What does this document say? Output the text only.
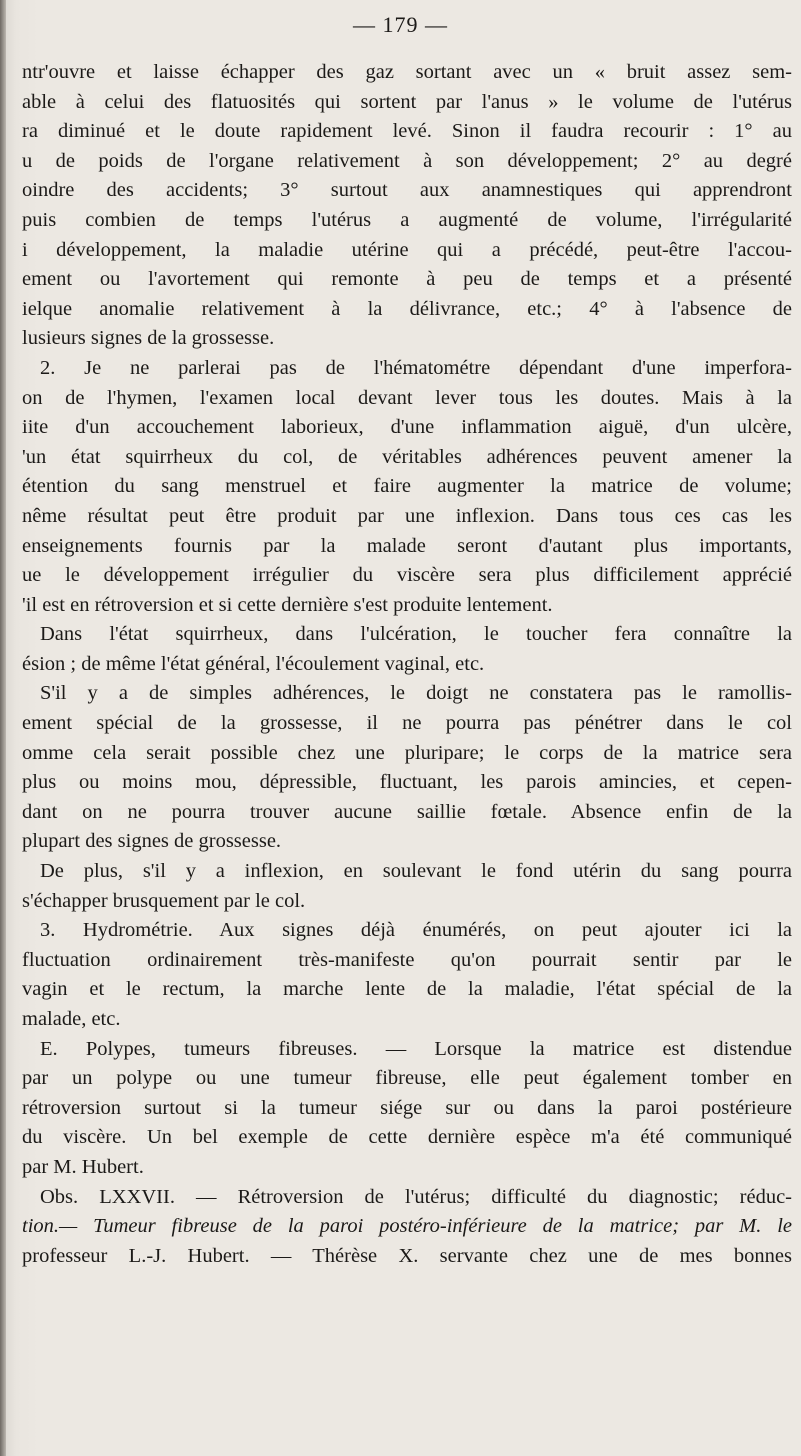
— 179 —
ntr'ouvre et laisse échapper des gaz sortant avec un « bruit assez sem-
able à celui des flatuosités qui sortent par l'anus » le volume de l'utérus
ra diminué et le doute rapidement levé. Sinon il faudra recourir : 1° au
u de poids de l'organe relativement à son développement; 2° au degré
oindre des accidents; 3° surtout aux anamnestiques qui apprendront
puis combien de temps l'utérus a augmenté de volume, l'irrégularité
i développement, la maladie utérine qui a précédé, peut-être l'accou-
ement ou l'avortement qui remonte à peu de temps et a présenté
ielque anomalie relativement à la délivrance, etc.; 4° à l'absence de
lusieurs signes de la grossesse.
2. Je ne parlerai pas de l'hématométre dépendant d'une imperfora-
on de l'hymen, l'examen local devant lever tous les doutes. Mais à la
iite d'un accouchement laborieux, d'une inflammation aiguë, d'un ulcère,
'un état squirrheux du col, de véritables adhérences peuvent amener la
étention du sang menstruel et faire augmenter la matrice de volume;
nême résultat peut être produit par une inflexion. Dans tous ces cas les
enseignements fournis par la malade seront d'autant plus importants,
ue le développement irrégulier du viscère sera plus difficilement apprécié
'il est en rétroversion et si cette dernière s'est produite lentement.
Dans l'état squirrheux, dans l'ulcération, le toucher fera connaître la
ésion ; de même l'état général, l'écoulement vaginal, etc.
S'il y a de simples adhérences, le doigt ne constatera pas le ramollis-
ement spécial de la grossesse, il ne pourra pas pénétrer dans le col
omme cela serait possible chez une pluripare; le corps de la matrice sera
plus ou moins mou, dépressible, fluctuant, les parois amincies, et cepen-
dant on ne pourra trouver aucune saillie fœtale. Absence enfin de la
plupart des signes de grossesse.
De plus, s'il y a inflexion, en soulevant le fond utérin du sang pourra
s'échapper brusquement par le col.
3. Hydrométrie. Aux signes déjà énumérés, on peut ajouter ici la
fluctuation ordinairement très-manifeste qu'on pourrait sentir par le
vagin et le rectum, la marche lente de la maladie, l'état spécial de la
malade, etc.
E. Polypes, tumeurs fibreuses. — Lorsque la matrice est distendue
par un polype ou une tumeur fibreuse, elle peut également tomber en
rétroversion surtout si la tumeur siége sur ou dans la paroi postérieure
du viscère. Un bel exemple de cette dernière espèce m'a été communiqué
par M. Hubert.
Obs. LXXVII. — Rétroversion de l'utérus; difficulté du diagnostic; réduc-
tion.— Tumeur fibreuse de la paroi postéro-inférieure de la matrice; par M. le
professeur L.-J. Hubert. — Thérèse X. servante chez une de mes bonnes
